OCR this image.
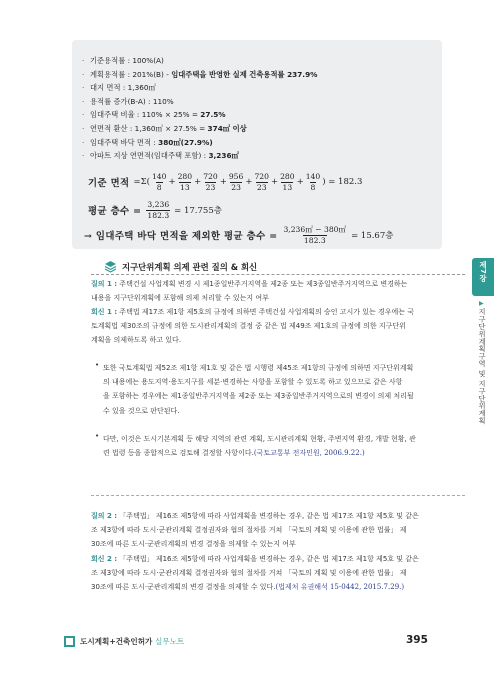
· 기준용적률 : 100%(A)
· 계획용적률 : 201%(B) - 임대주택을 반영한 실제 건축용적률 237.9%
· 대지 면적 : 1,360㎡
· 용적률 증가(B-A) : 110%
· 임대주택 비율 : 110% × 25% = 27.5%
· 연면적 환산 : 1,360㎡ × 27.5% = 374㎡ 이상
· 임대주택 바닥 면적 : 380㎡(27.9%)
· 아파트 지상 연면적(임대주택 포함) : 3,236㎡
기준 면적 $=\Sigma( \frac{140}{8} + \frac{280}{13} + \frac{720}{23} + \frac{956}{23} + \frac{720}{23} + \frac{280}{13} + \frac{140}{8}$ ) = 182.3
평균 층수 = $\frac{3,236}{182.3} = 17.755$층
→ 임대주택 바닥 면적을 제외한 평균 층수 = $\frac{3,236㎡ - 380㎡}{182.3} = 15.67$층
지구단위계획 의제 관련 질의 & 회신
질의 1 : 주택건설 사업계획 변경 시 제1종일반주거지역을 제2종 또는 제3종일반주거지역으로 변경하는
내용을 지구단위계획에 포함해 의제 처리할 수 있는지 여부
회신 1 : 주택법 제17조 제1항 제5호의 규정에 의하면 주택건설 사업계획의 승인 고시가 있는 경우에는 국
토계획법 제30조의 규정에 의한 도시관리계획의 결정 중 같은 법 제49조 제1호의 규정에 의한 지구단위
계획을 의제하도록 하고 있다.
• 또한 국토계획법 제52조 제1항 제1호 및 같은 법 시행령 제45조 제1항의 규정에 의하면 지구단위계획
의 내용에는 용도지역·용도지구를 세분·변경하는 사항을 포함할 수 있도록 하고 있으므로 같은 사항
을 포함하는 경우에는 제1종일반주거지역을 제2종 또는 제3종일반주거지역으로의 변경이 의제 처리될
수 있을 것으로 판단된다.
• 다만, 이것은 도시기본계획 등 해당 지역의 관련 계획, 도시관리계획 현황, 주변지역 환경, 개발 현황, 관
련 법령 등을 종합적으로 검토해 결정할 사항이다.(국토교통부 전자민원, 2006.9.22.)
질의 2 : 「주택법」 제16조 제5항에 따라 사업계획을 변경하는 경우, 같은 법 제17조 제1항 제5호 및 같은
조 제3항에 따라 도시·군관리계획 결정권자와 협의 절차를 거쳐 「국토의 계획 및 이용에 관한 법률」 제
30조에 따른 도시·군관리계획의 변경 결정을 의제할 수 있는지 여부
회신 2 : 「주택법」 제16조 제5항에 따라 사업계획을 변경하는 경우, 같은 법 제17조 제1항 제5호 및 같은
조 제3항에 따라 도시·군관리계획 결정권자와 협의 절차를 거쳐 「국토의 계획 및 이용에 관한 법률」 제
30조에 따른 도시·군관리계획의 변경 결정을 의제할 수 있다.(법제처 유권해석 15-0442, 2015.7.29.)
제7장
▶
지구단위계획구역 및 지구단위계획
도시계획+건축인허가 실무노트	395
